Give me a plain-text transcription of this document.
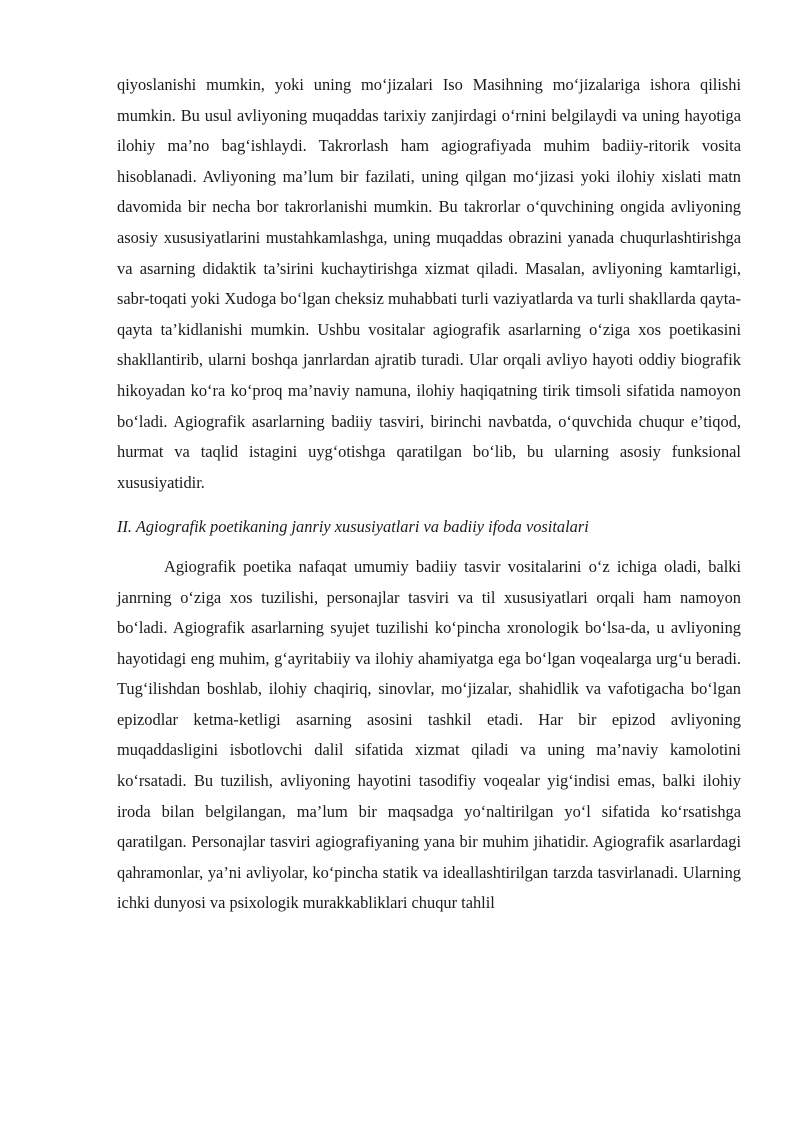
qiyoslanishi mumkin, yoki uning mo‘jizalari Iso Masihning mo‘jizalariga ishora qilishi mumkin. Bu usul avliyoning muqaddas tarixiy zanjirdagi o‘rnini belgilaydi va uning hayotiga ilohiy ma’no bag‘ishlaydi. Takrorlash ham agiografiyada muhim badiiy-ritorik vosita hisoblanadi. Avliyoning ma’lum bir fazilati, uning qilgan mo‘jizasi yoki ilohiy xislati matn davomida bir necha bor takrorlanishi mumkin. Bu takrorlar o‘quvchining ongida avliyoning asosiy xususiyatlarini mustahkamlashga, uning muqaddas obrazini yanada chuqurlashtirishga va asarning didaktik ta’sirini kuchaytirishga xizmat qiladi. Masalan, avliyoning kamtarligi, sabr-toqati yoki Xudoga bo‘lgan cheksiz muhabbati turli vaziyatlarda va turli shakllarda qayta-qayta ta’kidlanishi mumkin. Ushbu vositalar agiografik asarlarning o‘ziga xos poetikasini shakllantirib, ularni boshqa janrlardan ajratib turadi. Ular orqali avliyo hayoti oddiy biografik hikoyadan ko‘ra ko‘proq ma’naviy namuna, ilohiy haqiqatning tirik timsoli sifatida namoyon bo‘ladi. Agiografik asarlarning badiiy tasviri, birinchi navbatda, o‘quvchida chuqur e’tiqod, hurmat va taqlid istagini uyg‘otishga qaratilgan bo‘lib, bu ularning asosiy funksional xususiyatidir.

II. Agiografik poetikaning janriy xususiyatlari va badiiy ifoda vositalari

Agiografik poetika nafaqat umumiy badiiy tasvir vositalarini o‘z ichiga oladi, balki janrning o‘ziga xos tuzilishi, personajlar tasviri va til xususiyatlari orqali ham namoyon bo‘ladi. Agiografik asarlarning syujet tuzilishi ko‘pincha xronologik bo‘lsa-da, u avliyoning hayotidagi eng muhim, g‘ayritabiiy va ilohiy ahamiyatga ega bo‘lgan voqealarga urg‘u beradi. Tug‘ilishdan boshlab, ilohiy chaqiriq, sinovlar, mo‘jizalar, shahidlik va vafotigacha bo‘lgan epizodlar ketma-ketligi asarning asosini tashkil etadi. Har bir epizod avliyoning muqaddasligini isbotlovchi dalil sifatida xizmat qiladi va uning ma’naviy kamolotini ko‘rsatadi. Bu tuzilish, avliyoning hayotini tasodifiy voqealar yig‘indisi emas, balki ilohiy iroda bilan belgilangan, ma’lum bir maqsadga yo‘naltirilgan yo‘l sifatida ko‘rsatishga qaratilgan. Personajlar tasviri agiografiyaning yana bir muhim jihatidir. Agiografik asarlardagi qahramonlar, ya’ni avliyolar, ko‘pincha statik va ideallashtirilgan tarzda tasvirlanadi. Ularning ichki dunyosi va psixologik murakkabliklari chuqur tahlil
